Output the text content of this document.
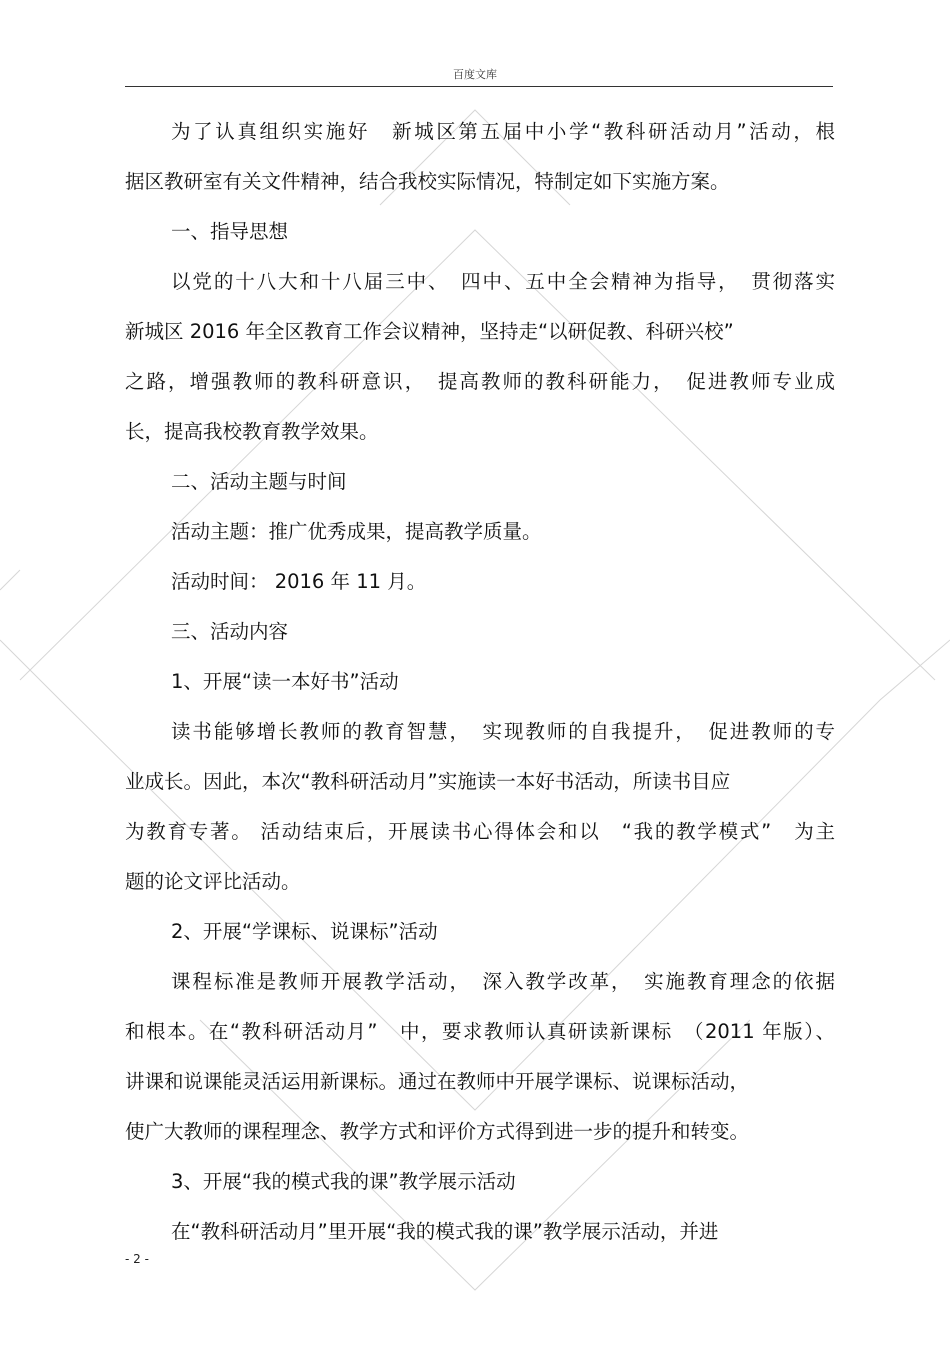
百度文库
为了认真组织实施好　新城区第五届中小学“教科研活动月”活动，根
据区教研室有关文件精神，结合我校实际情况，特制定如下实施方案。
一、指导思想
以党的十八大和十八届三中、　四中、五中全会精神为指导，　贯彻落实
新城区 2016 年全区教育工作会议精神，坚持走“以研促教、科研兴校”
之路，增强教师的教科研意识，　提高教师的教科研能力，　促进教师专业成
长，提高我校教育教学效果。
二、活动主题与时间
活动主题：推广优秀成果，提高教学质量。
活动时间： 2016 年 11 月。
三、活动内容
1、开展“读一本好书”活动
读书能够增长教师的教育智慧，　实现教师的自我提升，　促进教师的专
业成长。因此，本次“教科研活动月”实施读一本好书活动，所读书目应
为教育专著。 活动结束后，开展读书心得体会和以　“我的教学模式”　为主
题的论文评比活动。
2、开展“学课标、说课标”活动
课程标准是教师开展教学活动，　深入教学改革，　实施教育理念的依据
和根本。在“教科研活动月”　中，要求教师认真研读新课标　（2011 年版）、
讲课和说课能灵活运用新课标。通过在教师中开展学课标、说课标活动，
使广大教师的课程理念、教学方式和评价方式得到进一步的提升和转变。
3、开展“我的模式我的课”教学展示活动
在“教科研活动月”里开展“我的模式我的课”教学展示活动，并进
- 2 -
